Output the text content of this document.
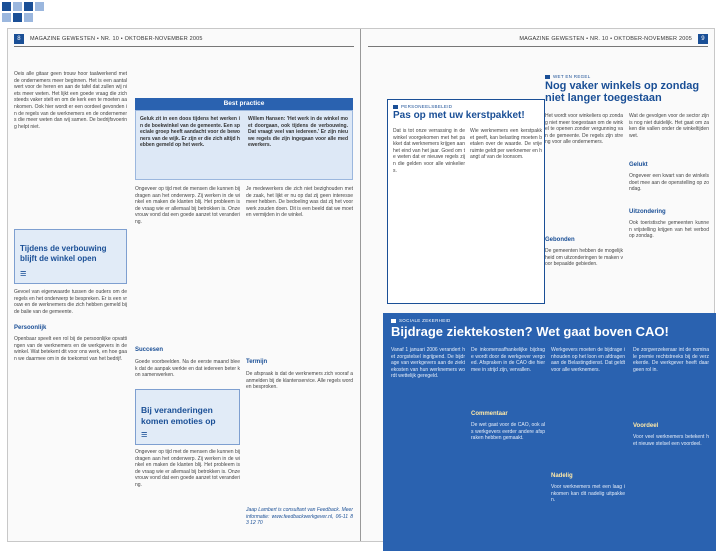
8	MAGAZINE GEWESTEN • NR. 10 • OKTOBER-NOVEMBER 2005
Oeis alle gitaar geen trouw hoor taalwerkend met de ondernemers meer beginnen. Het is een aantal wert voor de heren en aan de tafel dat zullen wij niets meer weten. Het lijkt een goede vraag die zich steeds vaker stelt en om de kerk een te moeten aankomen. Ook hier wordt er een oordeel gevonden in de regels van de werknemers en de ondernemers die meer weten dan wij samen. De bedrijfsvoering helpt niet.

Tijdens de verbouwing
blijft de winkel open

≡

Gevoel van eigenwaarde tussen de ouders om de regels en het onderwerp te bespreken. Er is een vrouw en de werknemers die zich hebben gemeld bij de balie van de gemeente.
Persoonlijk
Openbaar speelt een rol bij de persoonlijke opvattingen van de werknemers en de werkgevers in de winkel. Wat betekent dit voor ons werk, en hoe gaan we daarmee om in de toekomst van het bedrijf.
Best practice
Geluk zit in een doos tijdens het werken in de boekwinkel van de gemeente. Een speciale groep heeft aandacht voor de bewoners van de wijk. Er zijn er die zich altijd hebben gemeld op het werk.
Willem Hansen: 'Het werk in de winkel moet doorgaan, ook tijdens de verbouwing. Dat vraagt veel van iedereen.' Er zijn nieuwe regels die zijn ingegaan voor alle medewerkers.
Ongeveer op tijd met de mensen die kunnen bijdragen aan het onderwerp. Zij werken in de winkel en maken de klanten blij. Het probleem is de vraag wie er allemaal bij betrokken is. Onze vrouw vond dat een goede aanzet tot verandering.
Succesen
Goede voorbeelden. Na de eerste maand bleek dat de aanpak werkte en dat iedereen beter kon samenwerken.

Bij veranderingen
komen emoties op

≡

Ongeveer op tijd met de mensen die kunnen bijdragen aan het onderwerp. Zij werken in de winkel en maken de klanten blij. Het probleem is de vraag wie er allemaal bij betrokken is. Onze vrouw vond dat een goede aanzet tot verandering.
Je medewerkers die zich niet bezighouden met de zaak, het lijkt er nu op dat zij geen interesse meer hebben. De bedoeling was dat zij het voorwerk zouden doen. Dit is een beeld dat we moeten vermijden in de winkel.
Termijn
De afspraak is dat de werknemers zich vooraf aanmelden bij de klantenservice. Alle regels worden besproken.
Jaap Lambert is consultant van Feedback. Meer informatie: www.feedbackwerkgever.nl, 06-11 83 12 70
MAGAZINE GEWESTEN • NR. 10 • OKTOBER-NOVEMBER 2005	9
WET EN REGEL
Nog vaker winkels op zondag niet langer toegestaan
Het wordt voor winkeliers op zondag niet meer toegestaan om de winkel te openen zonder vergunning van de gemeente. De regels zijn streng voor alle ondernemers.
Gebonden
De gemeenten hebben de mogelijkheid om uitzonderingen te maken voor bepaalde gebieden.
Wat de gevolgen voor de sector zijn is nog niet duidelijk. Het gaat om zaken die vallen onder de winkeltijdenwet.
Gelukt
Ongeveer een kwart van de winkels doet mee aan de openstelling op zondag.
Uitzondering
Ook toeristische gemeenten kunnen vrijstelling krijgen van het verbod op zondag.
PERSONEELSBELEID
Pas op met uw kerstpakket!
Dat is tot onze verrassing in de winkel voorgekomen met het pakket dat werknemers krijgen aan het eind van het jaar. Goed om te weten dat er nieuwe regels zijn die gelden voor alle winkeliers.
Wie werknemers een kerstpakket geeft, kan belasting moeten betalen over de waarde. De vrije ruimte geldt per werknemer en hangt af van de loonsom.
SOCIALE ZEKERHEID
Bijdrage ziektekosten? Wet gaat boven CAO!
Vanaf 1 januari 2006 verandert het zorgstelsel ingrijpend. De bijdrage van werkgevers aan de ziektekosten van hun werknemers wordt wettelijk geregeld.
De inkomensafhankelijke bijdrage wordt door de werkgever vergoed. Afspraken in de CAO die hiermee in strijd zijn, vervallen.
Commentaar
De wet gaat voor de CAO, ook als werkgevers eerder andere afspraken hebben gemaakt.
Werkgevers moeten de bijdrage inhouden op het loon en afdragen aan de Belastingdienst. Dat geldt voor alle werknemers.
Nadelig
Voor werknemers met een laag inkomen kan dit nadelig uitpakken.
De zorgverzekeraar int de nominale premie rechtstreeks bij de verzekerde. De werkgever heeft daar geen rol in.
Voordeel
Voor veel werknemers betekent het nieuwe stelsel een voordeel.
